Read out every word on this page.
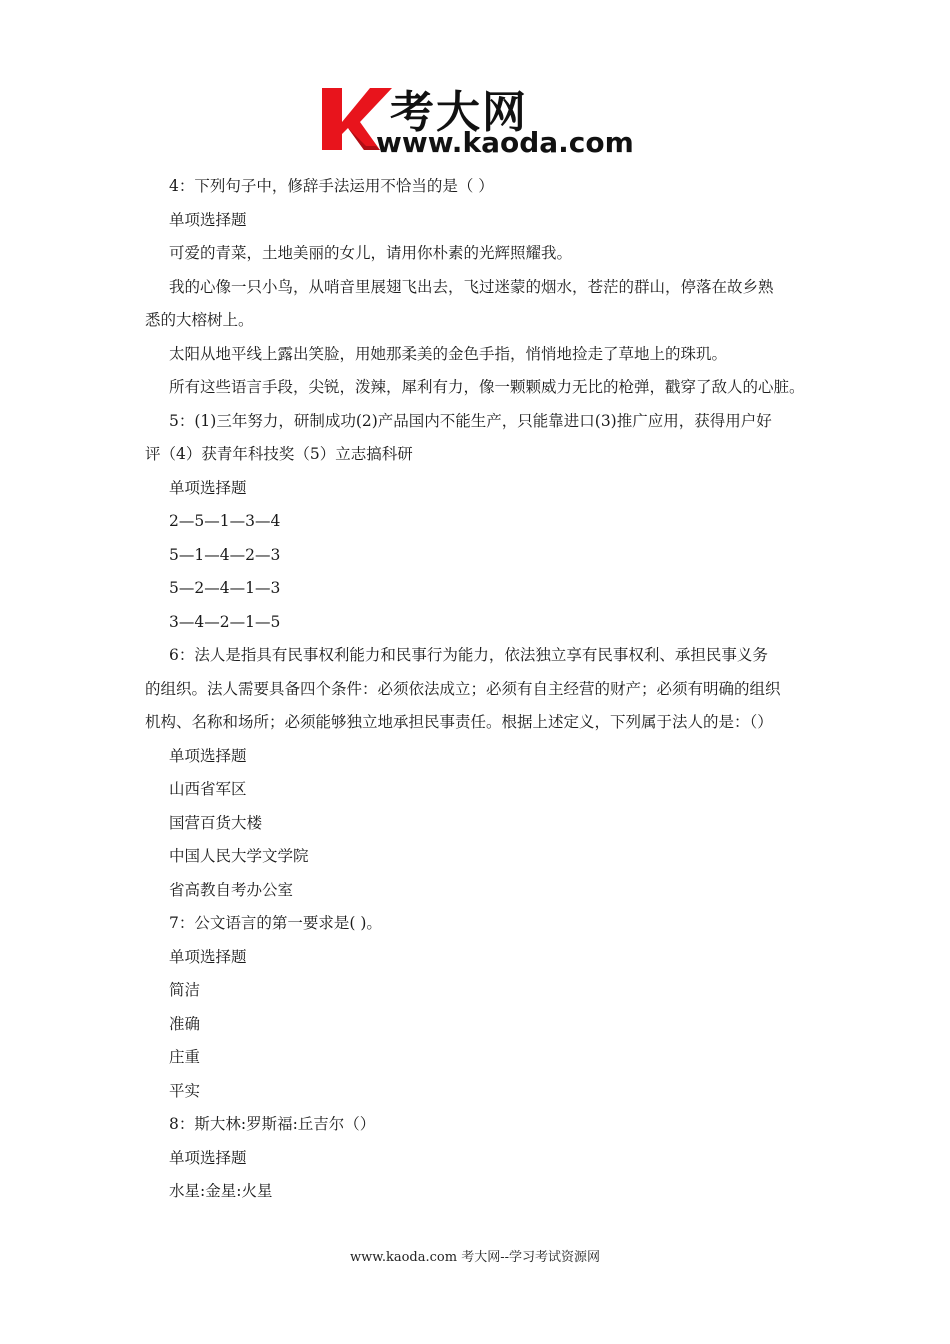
考大网
www.kaoda.com
4：下列句子中，修辞手法运用不恰当的是（ ）
单项选择题
可爱的青菜，土地美丽的女儿，请用你朴素的光辉照耀我。
我的心像一只小鸟，从哨音里展翅飞出去，飞过迷蒙的烟水，苍茫的群山，停落在故乡熟
悉的大榕树上。
太阳从地平线上露出笑脸，用她那柔美的金色手指，悄悄地捡走了草地上的珠玑。
所有这些语言手段，尖锐，泼辣，犀利有力，像一颗颗威力无比的枪弹，戳穿了敌人的心脏。
5：(1)三年努力，研制成功(2)产品国内不能生产，只能靠进口(3)推广应用，获得用户好
评（4）获青年科技奖（5）立志搞科研
单项选择题
2—5—1—3—4
5—1—4—2—3
5—2—4—1—3
3—4—2—1—5
6：法人是指具有民事权利能力和民事行为能力，依法独立享有民事权利、承担民事义务
的组织。法人需要具备四个条件：必须依法成立；必须有自主经营的财产；必须有明确的组织
机构、名称和场所；必须能够独立地承担民事责任。根据上述定义，下列属于法人的是：（）
单项选择题
山西省军区
国营百货大楼
中国人民大学文学院
省高教自考办公室
7：公文语言的第一要求是( )。
单项选择题
简洁
准确
庄重
平实
8：斯大林:罗斯福:丘吉尔（）
单项选择题
水星:金星:火星
www.kaoda.com 考大网--学习考试资源网
